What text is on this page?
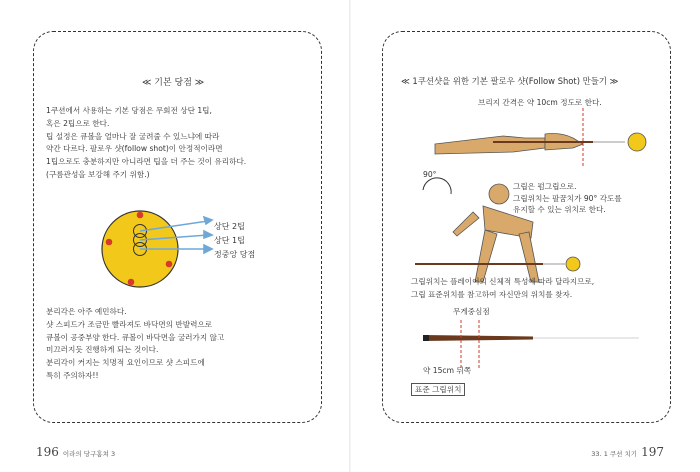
≪ 기본 당점 ≫
1쿠션에서 사용하는 기본 당점은 무회전 상단 1팁,
혹은 2팁으로 한다.
팁 설정은 큐볼을 얼마나 잘 굴려줄 수 있느냐에 따라
약간 다르다. 팔로우 샷(follow shot)이 안정적이라면
1팁으로도 충분하지만 아니라면 팁을 더 주는 것이 유리하다.
(구름관성을 보강해 주기 위함.)
상단 2팁
상단 1팁
정중앙 당점
분리각은 아주 예민하다.
샷 스피드가 조금만 빨라져도 바닥면의 반발력으로
큐볼이 공중부양 한다. 큐볼이 바닥면을 굴러가지 않고
미끄러지듯 진행하게 되는 것이다.
분리각이 커지는 치명적 요인이므로 샷 스피드에
특히 주의하자!!
≪ 1쿠션샷을 위한 기본 팔로우 샷(Follow Shot) 만들기 ≫
브리지 간격은 약 10cm 정도로 한다.
90°
그립은 펌그립으로.
그립위치는 팔꿈치가 90° 각도를
유지할 수 있는 위치로 한다.
그립위치는 플레이어의 신체적 특성에 따라 달라지므로,
그립 표준위치를 참고하여 자신만의 위치를 찾자.
무게중심점
약 15cm 뒤쪽
표준 그립위치
196 이라의 당구홈쳐 3	33. 1 쿠션 치기 197
